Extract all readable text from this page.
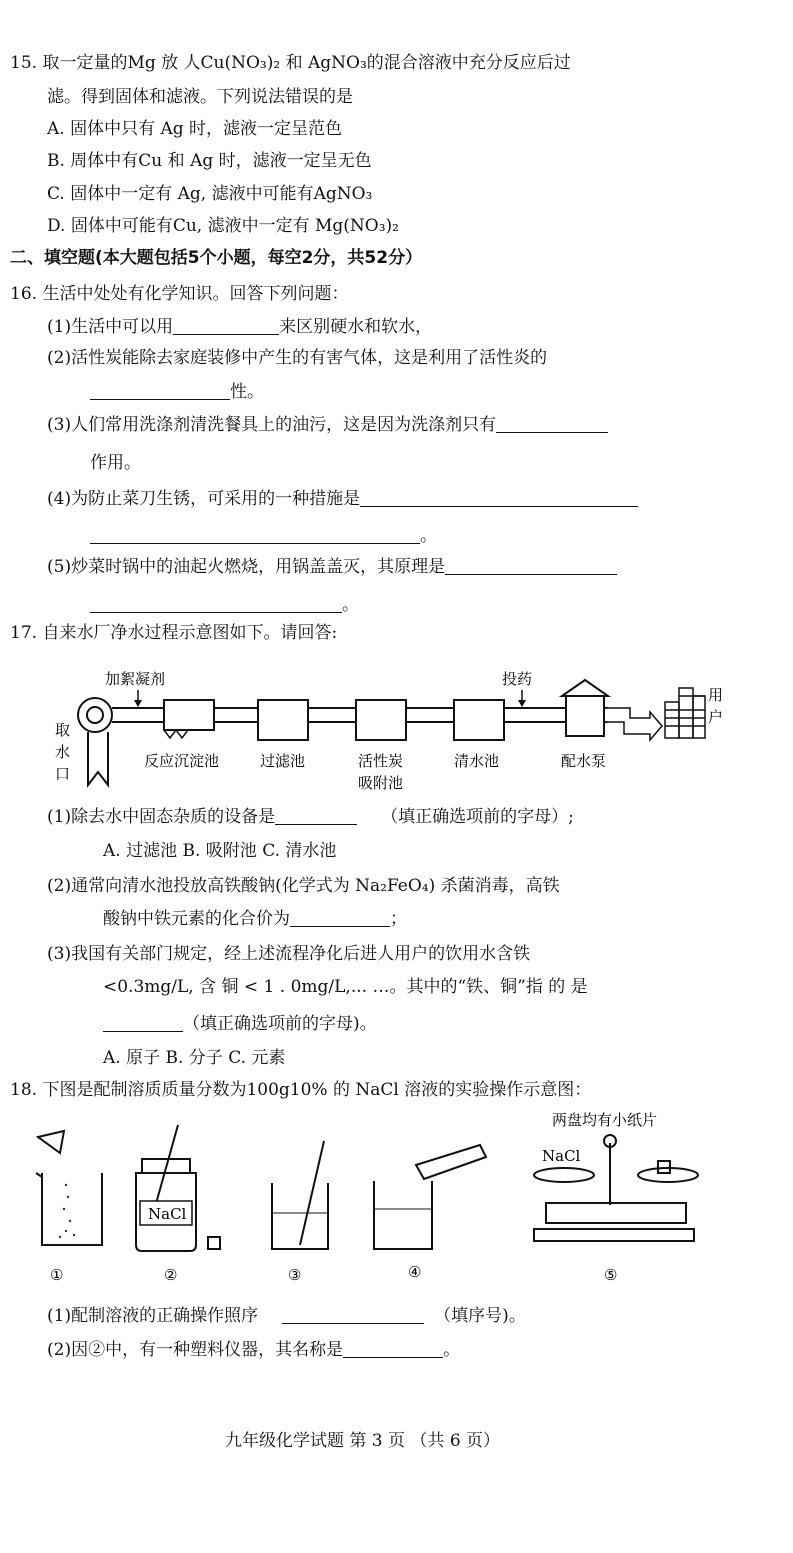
15. 取一定量的Mg 放 人Cu(NO₃)₂ 和 AgNO₃的混合溶液中充分反应后过
滤。得到固体和滤液。下列说法错误的是
A. 固体中只有 Ag 时，滤液一定呈范色
B. 周体中有Cu 和 Ag 时，滤液一定呈无色
C. 固体中一定有 Ag, 滤液中可能有AgNO₃
D. 固体中可能有Cu, 滤液中一定有 Mg(NO₃)₂
二、填空题(本大题包括5个小题，每空2分，共52分）
16. 生活中处处有化学知识。回答下列问题：
(1)生活中可以用	来区别硬水和软水，
(2)活性炭能除去家庭装修中产生的有害气体，这是利用了活性炎的
性。
(3)人们常用洗涤剂清洗餐具上的油污，这是因为洗涤剂只有
作用。
(4)为防止菜刀生锈，可采用的一种措施是
。
(5)炒菜时锅中的油起火燃烧，用锅盖盖灭，其原理是
。
17. 自来水厂净水过程示意图如下。请回答:
取
水
口
加絮凝剂
反应沉淀池	过滤池	活性炭
吸附池
清水池
投药
配水泵
用
户
(1)除去水中固态杂质的设备是	（填正确选项前的字母）;
A. 过滤池 B. 吸附池 C. 清水池
(2)通常向清水池投放高铁酸钠(化学式为 Na₂FeO₄) 杀菌消毒，高铁
酸钠中铁元素的化合价为	；
(3)我国有关部门规定，经上述流程净化后进人用户的饮用水含铁
<0.3mg/L, 含 铜 < 1 . 0mg/L,... …。其中的“铁、铜”指 的 是
（填正确选项前的字母)。
A. 原子 B. 分子 C. 元素
18. 下图是配制溶质质量分数为100g10% 的 NaCl 溶液的实验操作示意图：
两盘均有小纸片
①
NaCl
②	③	④
NaCl
⑤
(1)配制溶液的正确操作照序	（填序号)。
(2)因②中，有一种塑料仪器，其名称是	。
九年级化学试题 第 3 页 （共 6 页）
